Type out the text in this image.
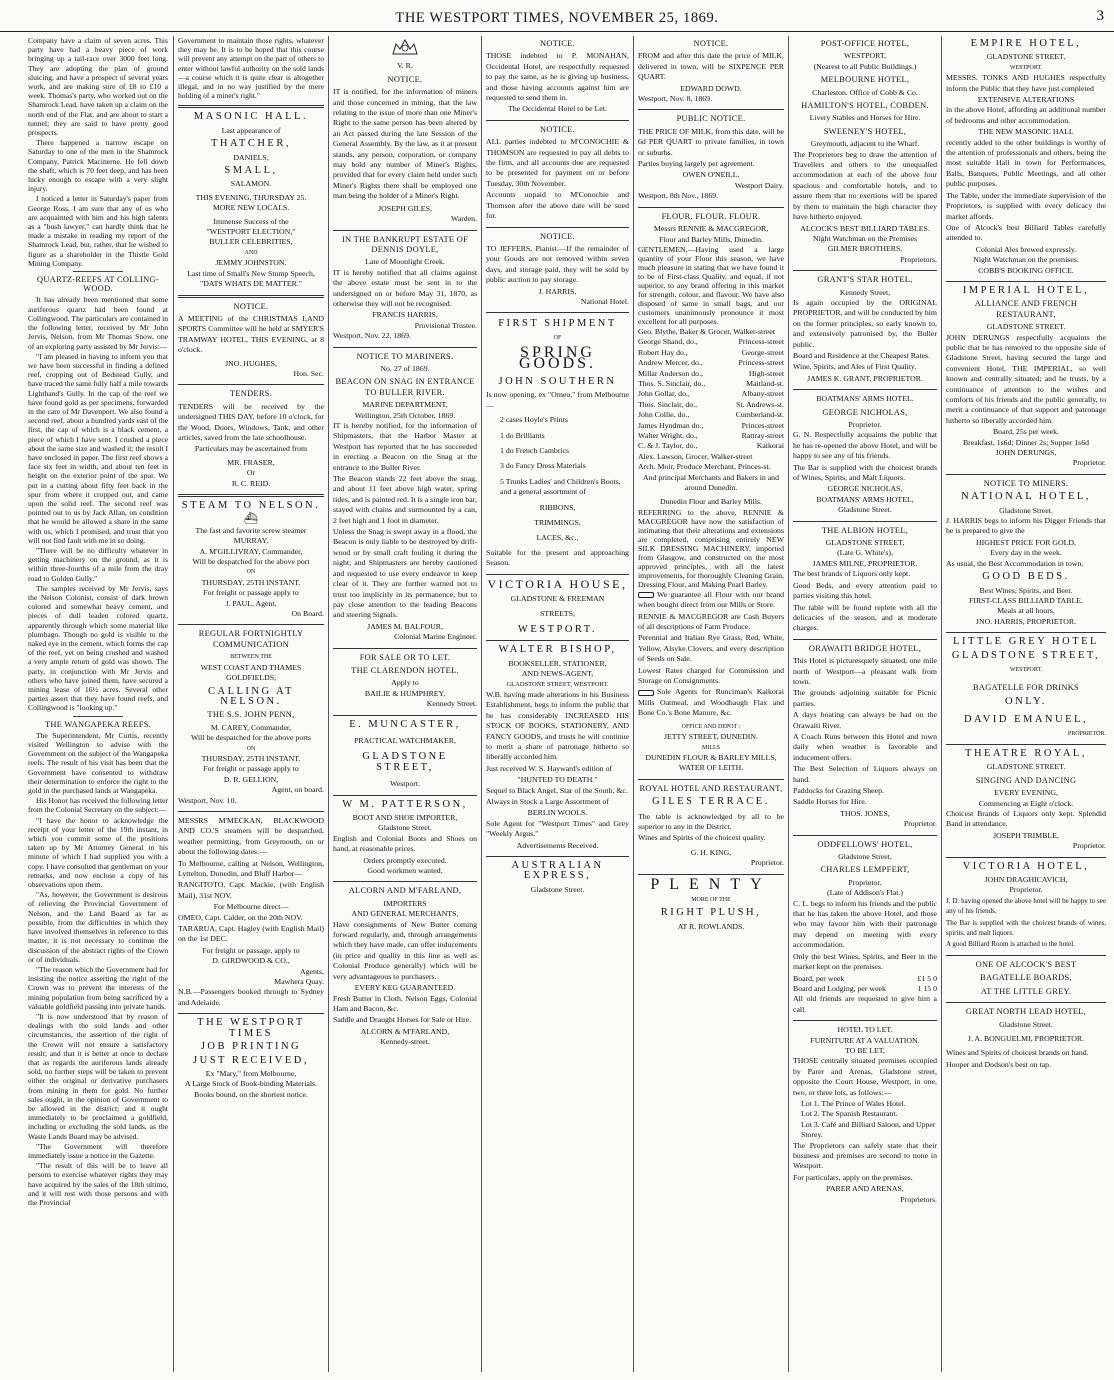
THE WESTPORT TIMES, NOVEMBER 25, 1869.	3

Company have a claim of seven acres. This party have had a heavy piece of work bringing up a tail-race over 3000 feet long. They are adopting the plan of ground sluicing, and have a prospect of several years work, and are making sure of £8 to £10 a week. Thomas's party, who worked out on the Shamrock Lead, have taken up a claim on the north end of the Flat, and are about to start a tunnel; they are said to have pretty good prospects.

There happened a narrow escape on Saturday to one of the men in the Shamrock Company, Patrick Macinerne. He fell down the shaft, which is 70 feet deep, and has been lucky enough to escape with a very slight injury.

I noticed a letter in Saturday's paper from George Ross. I am sure that any of us who are acquainted with him and his high talents as a "bush lawyer," can hardly think that he made a mistake in reading my report of the Shamrock Lead, but, rather, that he wished to figure as a shareholder in the Thistle Gold Mining Company.

QUARTZ-REEFS AT COLLING-WOOD.

It has already been mentioned that some auriferous quartz had been found at Collingwood. The particulars are contained in the following letter, received by Mr John Jervis, Nelson, from Mr Thomas Snow, one of an exploring party assisted by Mr Jervis:—

"I am pleased in having to inform you that we have been successful in finding a defined reef, cropping out of Bedstead Gully, and have traced the same fully half a mile towards Lighthand's Gully. In the cap of the reef we have found gold as per specimens, forwarded in the care of Mr Davenport. We also found a second reef, about a hundred yards east of the first, the cap of which is a black cement, a piece of which I have sent. I crushed a piece about the same size and washed it; the result I have enclosed in paper. The first reef shows a face six feet in width, and about ten feet in height on the exterior point of the spur. We put in a cutting about fifty feet back in the spur from where it cropped out, and came upon the solid reef. The second reef was pointed out to us by Jack Allan, on condition that he would be allowed a share in the same with us, which I promised, and trust that you will not find fault with me in so doing.

"There will be no difficulty whatever in getting machinery on the ground, as it is within three-fourths of a mile from the dray road to Golden Gully."

The samples received by Mr Jervis, says the Nelson Colonist, consist of dark brown colored and somewhat heavy cement, and pieces of dull leaden colored quartz, apparently through which some material like plumbago. Though no gold is visible to the naked eye in the cement, which forms the cap of the reef, yet on being crushed and washed a very ample return of gold was shown. The party, in conjunction with Mr Jervis and others who have joined them, have secured a mining lease of 16½ acres. Several other parties assert that they have found reefs, and Collingwood is "looking up."

THE WANGAPEKA REEFS.

The Superintendent, Mr Curtis, recently visited Wellington to advise with the Government on the subject of the Wangapeka reefs. The result of his visit has been that the Government have consented to withdraw their determination to enforce the right to the gold in the purchased lands at Wangapeka.

His Honor has received the following letter from the Colonial Secretary on the subject:—

"I have the honor to acknowledge the receipt of your letter of the 19th instant, in which you commit some of the positions taken up by Mr Attorney General in his minute of which I had supplied you with a copy. I have consulted that gentleman on your remarks, and now enclose a copy of his observations upon them.

"As, however, the Government is desirous of relieving the Provincial Government of Nelson, and the Land Board as far as possible, from the difficulties in which they have involved themselves in reference to this matter, it is not necessary to continue the discussion of the abstract rights of the Crown or of individuals.

"The reason which the Government had for insisting the notice asserting the right of the Crown was to prevent the interests of the mining population from being sacrificed by a valuable goldfield passing into private hands.

"It is now understood that by reason of dealings with the sold lands and other circumstances, the assertion of the right of the Crown will not ensure a satisfactory result; and that it is better at once to declare that as regards the auriferous lands already sold, no further steps will be taken to prevent either the original or derivative purchasers from mining in them for gold. No further sales ought, in the opinion of Government to be allowed in the district; and it ought immediately to be proclaimed a goldfield, including or excluding the sold lands, as the Waste Lands Board may be advised.

"The Government will therefore immediately issue a notice in the Gazette.

"The result of this will be to leave all persons to exercise whatever rights they may have acquired by the sales of the 18th ultimo, and it will rest with those persons and with the Provincial

Government to maintain those rights, whatever they may be. It is to be hoped that this course will prevent any attempt on the part of others to enter without lawful authority on the sold lands—a course which it is quite clear is altogether illegal, and in no way justified by the mere holding of a miner's right."

MASONIC HALL.
Last appearance of
THATCHER,
DANIELS,
SMALL,
SALAMON.
THIS EVENING, THURSDAY 25.
MORE NEW LOCALS.
Immense Success of the
"WESTPORT ELECTION,"
BULLER CELEBRITIES,
AND
JEMMY JOHNSTON.
Last time of Small's New Stump Speech,
"DATS WHATS DE MATTER."
NOTICE.

A MEETING of the CHRISTMAS LAND SPORTS Committee will be held at SMYER'S TRAMWAY HOTEL, THIS EVENING, at 8 o'clock.

JNO. HUGHES,
Hon. Sec.
TENDERS.

TENDERS will be received by the undersigned THIS DAY, before 10 o'clock, for the Wood, Doors, Windows, Tank, and other articles, saved from the late schoolhouse.

Particulars may be ascertained from
MR. FRASER,
Or
R. C. REID.
STEAM TO NELSON.
⛴
The fast and favorite screw steamer
MURRAY,
A. M'GILLIVRAY, Commander,
Will be despatched for the above port
ON
THURSDAY, 25TH INSTANT.
For freight or passage apply to
J. PAUL, Agent,
On Board.
REGULAR FORTNIGHTLY COMMUNICATION
BETWEEN THE
WEST COAST AND THAMES GOLDFIELDS,
CALLING AT NELSON.
THE S.S. JOHN PENN,
M. CAREY, Commander,
Will be despatched for the above ports
ON
THURSDAY, 25TH INSTANT.
For freight or passage apply to
D. R. GELLION,
Agent, on board.
Westport, Nov. 10.

MESSRS M'MECKAN, BLACKWOOD AND CO.'S steamers will be despatched, weather permitting, from Greymouth, on or about the following dates:—

To Melbourne, calling at Nelson, Wellington, Lyttelton, Dunedin, and Bluff Harbor—

RANGITOTO, Capt. Mackie, (with English Mail), 31st NOV.

For Melbourne direct—

OMEO, Capt. Calder, on the 20th NOV.

TARARUA, Capt. Hagley (with English Mail) on the 1st DEC.

For freight or passage, apply to
D. GIRDWOOD & CO.,
Agents,
Mawhera Quay.

N.B.—Passengers booked through to Sydney and Adelaide.

THE WESTPORT TIMES
JOB PRINTING
JUST RECEIVED,
Ex "Mary," from Melbourne,
A Large Stock of Book-binding Materials.
Books bound, on the shortest notice.
V. R.
NOTICE.

IT is notified, for the information of miners and those concerned in mining, that the law relating to the issue of more than one Miner's Right to the same person has been altered by an Act passed during the late Session of the General Assembly. By the law, as it at present stands, any person, corporation, or company may hold any number of Miner's Rights, provided that for every claim held under such Miner's Rights there shall be employed one man being the holder of a Miner's Right.

JOSEPH GILES,
Warden.
IN THE BANKRUPT ESTATE OF DENNIS DOYLE,
Late of Moonlight Creek.

IT is hereby notified that all claims against the above estate must be sent in to the undersigned on or before May 31, 1870, as otherwise they will not be recognised.

FRANCIS HARRIS,
Provisional Trustee.
Westport, Nov. 22, 1869.
NOTICE TO MARINERS.
No. 27 of 1869.
BEACON ON SNAG IN ENTRANCE TO BULLER RIVER.
MARINE DEPARTMENT,
Wellington, 25th October, 1869.

IT is hereby notified, for the information of Shipmasters, that the Harbor Master at Westport has reported that he has succeeded in erecting a Beacon on the Snag at the entrance to the Buller River.

The Beacon stands 22 feet above the snag, and about 11 feet above high water, spring tides, and is painted red. It is a single iron bar, stayed with chains and surmounted by a can, 2 feet high and 1 foot in diameter.

Unless the Snag is swept away in a flood, the Beacon is only liable to be destroyed by drift-wood or by small craft fouling it during the night; and Shipmasters are hereby cautioned and requested to use every endeavor to keep clear of it. They are further warned not to trust too implicitly in its permanence, but to pay close attention to the leading Beacons and steering Signals.

JAMES M. BALFOUR,
Colonial Marine Engineer.
FOR SALE OR TO LET.
THE CLARENDON HOTEL.
Apply to
BAILIE & HUMPHREY,
Kennedy Street.
E. MUNCASTER,
PRACTICAL WATCHMAKER,
GLADSTONE STREET,
Westport.
W M. PATTERSON,
BOOT AND SHOE IMPORTER,
Gladstone Street.

English and Colonial Boots and Shoes on hand, at reasonable prices.

Orders promptly executed.
Good workmen wanted.
ALCORN AND M'FARLAND,
IMPORTERS
AND GENERAL MERCHANTS,

Have consignments of New Butter coming forward regularly, and, through arrangements which they have made, can offer inducements (in price and quality in this line as well as Colonial Produce generally) which will be very advantageous to purchasers.

EVERY KEG GUARANTEED.

Fresh Butter in Cloth. Nelson Eggs, Colonial Ham and Bacon, &c.

Saddle and Draught Horses for Sale or Hire.

ALCORN & M'FARLAND,
Kennedy-street.
NOTICE.

THOSE indebted to P. MONAHAN, Occidental Hotel, are respectfully requested to pay the same, as he is giving up business, and those having accounts against him are requested to send them in.

The Occidental Hotel to be Let.
NOTICE.

ALL parties indebted to M'CONOCHIE & THOMSON are requested to pay all debts to the firm, and all accounts due are requested to be presented for payment on or before Tuesday, 30th November.

Accounts unpaid to M'Conochie and Thomson after the above date will be sued for.

NOTICE.

TO JEFFERS, Pianist.—If the remainder of your Goods are not removed within seven days, and storage paid, they will be sold by public auction to pay storage.

J. HARRIS,
National Hotel.
FIRST SHIPMENT
OF
SPRING GOODS.
JOHN SOUTHERN

Is now opening, ex "Omeo," from Melbourne—

2 cases Hoyle's Prints
1 do Brilliants
1 do French Cambrics
3 do Fancy Dress Materials
5 Trunks Ladies' and Children's Boots, and a general assortment of
RIBBONS,
TRIMMINGS,
LACES, &c.,

Suitable for the present and approaching Season.

VICTORIA HOUSE,
GLADSTONE & FREEMAN
STREETS,
WESTPORT.
WALTER BISHOP,
BOOKSELLER, STATIONER,
AND NEWS-AGENT,
GLADSTONE STREET, WESTPORT.

W.B. having made alterations in his Business Establishment, begs to inform the public that he has considerably INCREASED HIS STOCK OF BOOKS, STATIONERY, AND FANCY GOODS, and trusts he will continue to merit a share of patronage hitherto so liberally accorded him.

Just received W. S. Hayward's edition of

"HUNTED TO DEATH."

Sequel to Black Angel, Star of the South, &c.

Always in Stock a Large Assortment of

BERLIN WOOLS.

Sole Agent for "Westport Times" and Grey "Weekly Argus."

Advertisements Received.
AUSTRALIAN EXPRESS,
Gladstone Street.
NOTICE.

FROM and after this date the price of MILK, delivered in town, will be SIXPENCE PER QUART.

EDWARD DOWD.
Westport, Nov. 8, 1869.
PUBLIC NOTICE.

THE PRICE OF MILK, from this date, will be 6d PER QUART to private families, in town or suburbs.

Parties buying largely per agreement.

OWEN O'NEILL,
Westport Dairy.
Westport, 8th Nov., 1869.
FLOUR. FLOUR. FLOUR.
Messrs RENNIE & MACGREGOR,
Flour and Barley Mills, Dunedin.

GENTLEMEN,—Having used a large quantity of your Flour this season, we have much pleasure in stating that we have found it to be of First-class Quality, and equal, if not superior, to any brand offering in this market for strength, colour, and flavour. We have also disposed of same in small bags, and our customers unanimously pronounce it most excellent for all purposes.

Geo. Blythe, Baker & Grocer, Walker-street
George Shand, do.,	Princess-street
Robert Hay do.,	George-street
Andrew Mercer, do.,	Princess-street
Millar Anderson do.,	High-street
Thos. S. Sinclair, do.,	Maitland-st.
John Gollar, do.,	Albany-street
Thos. Sinclair, do.,	St. Andrews-st.
John Collie, do.,	Cumberland-st.
James Hyndman do.,	Princes-street
Walter Wright, do.,	Rattray-street
C. & J. Taylor, do.,	Kaikorai
Alex. Lawson, Grocer, Walker-street
Arch. Moir, Produce Merchant, Princes-st.
And principal Merchants and Bakers in and around Dunedin.
Dunedin Flour and Barley Mills.

REFERRING to the above, RENNIE & MACGREGOR have now the satisfaction of intimating that their alterations and extensions are completed, comprising entirely NEW SILK DRESSING MACHINERY, imported from Glasgow, and constructed on the most approved principles, with all the latest improvements, for thoroughly Cleaning Grain, Dressing Flour, and Making Pearl Barley.

We guarantee all Flour with our brand when bought direct from our Mills or Store.

RENNIE & MACGREGOR are Cash Buyers of all descriptions of Farm Produce.

Perennial and Italian Rye Grass, Red, White, Yellow, Alsyke Clovers, and every description of Seeds on Sale.

Lowest Rates charged for Commission and Storage on Consignments.

Sole Agents for Runciman's Kaikorai Mills Oatmeal, and Woodhaugh Flax and Bone Co.'s Bone Manure, &c.

OFFICE AND DEPOT :
JETTY STREET, DUNEDIN.
MILLS
DUNEDIN FLOUR & BARLEY MILLS,
WATER OF LEITH.
ROYAL HOTEL AND RESTAURANT,
GILES TERRACE.

The table is acknowledged by all to be superior to any in the District.

Wines and Spirits of the choicest quality.

G. H. KING,
Proprietor.
PLENTY
MORE OF THE
RIGHT PLUSH,
AT R. ROWLANDS.
POST-OFFICE HOTEL,
WESTPORT,
(Nearest to all Public Buildings.)
MELBOURNE HOTEL,
Charleston. Office of Cobb & Co.
HAMILTON'S HOTEL, COBDEN.
Livery Stables and Horses for Hire.
SWEENEY'S HOTEL,
Greymouth, adjacent to the Wharf.

The Proprietors beg to draw the attention of Travellers and others to the unequalled accommodation at each of the above four spacious and comfortable hotels, and to assure them that no exertions will be spared by them to maintain the high character they have hitherto enjoyed.

ALCOCK'S BEST BILLIARD TABLES.
Night Watchman on the Premises
GILMER BROTHERS,
Proprietors.
GRANT'S STAR HOTEL,
Kennedy Street,

Is again occupied by the ORIGINAL PROPRIETOR, and will be conducted by him on the former principles, so early known to, and extensively patronised by, the Buller public.

Board and Residence at the Cheapest Rates.

Wine, Spirits, and Ales of First Quality.

JAMES K. GRANT, PROPRIETOR.
BOATMANS' ARMS HOTEL.
GEORGE NICHOLAS,
Proprietor.

G. N. Respectfully acquaints the public that he has re-opened the above Hotel, and will be happy to see any of his friends.

The Bar is supplied with the choicest brands of Wines, Spirits, and Malt Liquors.

GEORGE NICHOLAS,
BOATMANS' ARMS HOTEL,
Gladstone Street.
THE ALBION HOTEL,
GLADSTONE STREET,
(Late G. White's),
JAMES MILNE, PROPRIETOR.

The best brands of Liquors only kept.

Good Beds, and every attention paid to parties visiting this hotel.

The table will be found replete with all the delicacies of the season, and at moderate charges.

ORAWAITI BRIDGE HOTEL,

This Hotel is picturesquely situated, one mile north of Westport—a pleasant walk from town.

The grounds adjoining suitable for Picnic parties.

A days boating can always be had on the Orawaiti River.

A Coach Runs between this Hotel and town daily when weather is favorable and inducement offers.

The Best Selection of Liquors always on hand.

Paddocks for Grazing Sheep.

Saddle Horses for Hire.

THOS. JONES,
Proprietor.
ODDFELLOWS' HOTEL,
Gladstone Street,
CHARLES LEMPFERT,
Proprietor.
(Late of Addison's Flat.)

C. L. begs to inform his friends and the public that he has taken the above Hotel, and those who may favour him with their patronage may depend on meeting with every accommodation.

Only the best Wines, Spirits, and Beer in the market kept on the premises.

Board, per week	£1 5 0
Board and Lodging, per week	1 15 0

All old friends are requested to give him a call.

HOTEL TO LET.
FURNITURE AT A VALUATION.
TO BE LET,

THOSE centrally situated premises occupied by Parer and Arenas, Gladstone street, opposite the Court House, Westport, in one, two, or three lots, as follows:—

Lot 1. The Prince of Wales Hotel.
Lot 2. The Spanish Restaurant.
Lot 3. Café and Billiard Saloon, and Upper Storey.

The Proprietors can safely state that their business and premises are second to none in Westport.

For particulars, apply on the premises.

PARER AND ARENAS,
Proprietors.
EMPIRE HOTEL,
GLADSTONE STREET,
WESTPORT.

MESSRS. TONKS AND HUGHES respectfully inform the Public that they have just completed

EXTENSIVE ALTERATIONS

in the above Hotel, affording an additional number of bedrooms and other accommodation.

THE NEW MASONIC HALL

recently added to the other buildings is worthy of the attention of professionals and others, being the most suitable Hall in town for Performances, Balls, Banquets, Public Meetings, and all other public purposes.

The Table, under the immediate supervision of the Proprietors, is supplied with every delicacy the market affords.

One of Alcock's best Billiard Tables carefully attended to.

Colonial Ales brewed expressly.
Night Watchman on the premises.
COBB'S BOOKING OFFICE.
IMPERIAL HOTEL,
ALLIANCE AND FRENCH RESTAURANT,
GLADSTONE STREET.

JOHN DERUNGS respectfully acquaints the public that he has removed to the opposite side of Gladstone Street, having secured the large and convenient Hotel, THE IMPERIAL, so well known and centrally situated; and he trusts, by a continuance of attention to the wishes and comforts of his friends and the public generally, to merit a continuance of that support and patronage hitherto so liberally accorded him.

Board, 25s per week.
Breakfast, 1s6d; Dinner 2s; Supper 1s6d
JOHN DERUNGS,
Proprietor.
NOTICE TO MINERS.
NATIONAL HOTEL,
Gladstone Street.

J. HARRIS begs to inform his Digger Friends that he is prepared to give the

HIGHEST PRICE FOR GOLD,
Every day in the week.

As usual, the Best Accommodation in town.

GOOD BEDS.
Best Wines, Spirits, and Beer.
FIRST-CLASS BILLIARD TABLE.
Meals at all hours.
JNO. HARRIS, PROPRIETOR.
LITTLE GREY HOTEL
GLADSTONE STREET,
WESTPORT.
BAGATELLE FOR DRINKS
ONLY.
DAVID EMANUEL,
PROPRIETOR.
THEATRE ROYAL,
GLADSTONE STREET.
SINGING AND DANCING
EVERY EVENING,
Commencing at Eight o'clock.

Choicest Brands of Liquors only kept. Splendid Band in attendance.

JOSEPH TRIMBLE,
Proprietor.
VICTORIA HOTEL,
JOHN DRAGHICAVICH,
Proprietor.

J. D. having opened the above hotel will be happy to see any of his friends.

The Bar is supplied with the choicest brands of wines, spirits, and malt liquors.

A good Billiard Room is attached to the hotel.

ONE OF ALCOCK'S BEST
BAGATELLE BOARDS,
AT THE LITTLE GREY.
GREAT NORTH LEAD HOTEL,
Gladstone Street.
J. A. BONGUELMI, PROPRIETOR.

Wines and Spirits of choicest brands on hand.

Hooper and Dodson's best on tap.
